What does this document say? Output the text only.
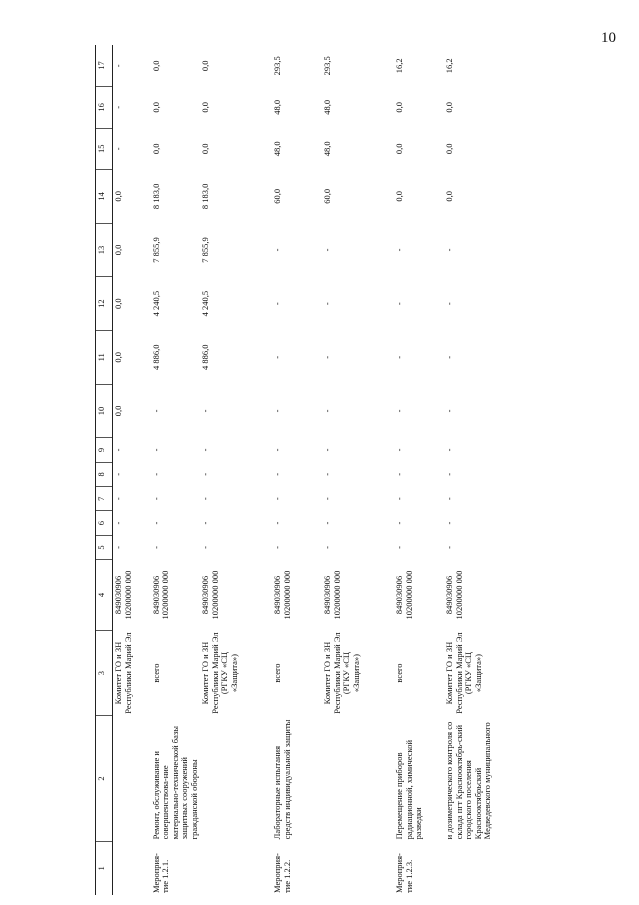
10
1	2	3	4	5	6	7	8	9	10	11	12	13	14	15	16	17
		Комитет ГО и ЗН Республики Марий Эл	849030906 10200000 000	-	-	-	-	-	0,0	0,0	0,0	0,0	0,0	-	-	-
Мероприя-тие 1.2.1.	Ремонт, обслуживание и совершенствова-ние материально-технической базы защитных сооружений гражданской обороны	всего	849030906 10200000 000	-	-	-	-	-	-	4 886,0	4 240,5	7 855,9	8 183,0	0,0	0,0	0,0
		Комитет ГО и ЗН Республики Марий Эл (РГКУ «СЦ «Защита»)	849030906 10200000 000	-	-	-	-	-	-	4 886,0	4 240,5	7 855,9	8 183,0	0,0	0,0	0,0
Мероприя-тие 1.2.2.	Лабораторные испытания средств индивидуальной защиты	всего	849030906 10200000 000	-	-	-	-	-	-	-	-	-	60,0	48,0	48,0	293,5
		Комитет ГО и ЗН Республики Марий Эл (РГКУ «СЦ «Защита»)	849030906 10200000 000	-	-	-	-	-	-	-	-	-	60,0	48,0	48,0	293,5
Мероприя-тие 1.2.3.	Перемещение приборов радиационной, химической разведки	всего	849030906 10200000 000	-	-	-	-	-	-	-	-	-	0,0	0,0	0,0	16,2
	и дозиметрического контроля со склада пгт Краснооктябрь-ский городского поселения Краснооктябрьский Медведевского муниципального	Комитет ГО и ЗН Республики Марий Эл (РГКУ «СЦ «Защита»)	849030906 10200000 000	-	-	-	-	-	-	-	-	-	0,0	0,0	0,0	16,2
